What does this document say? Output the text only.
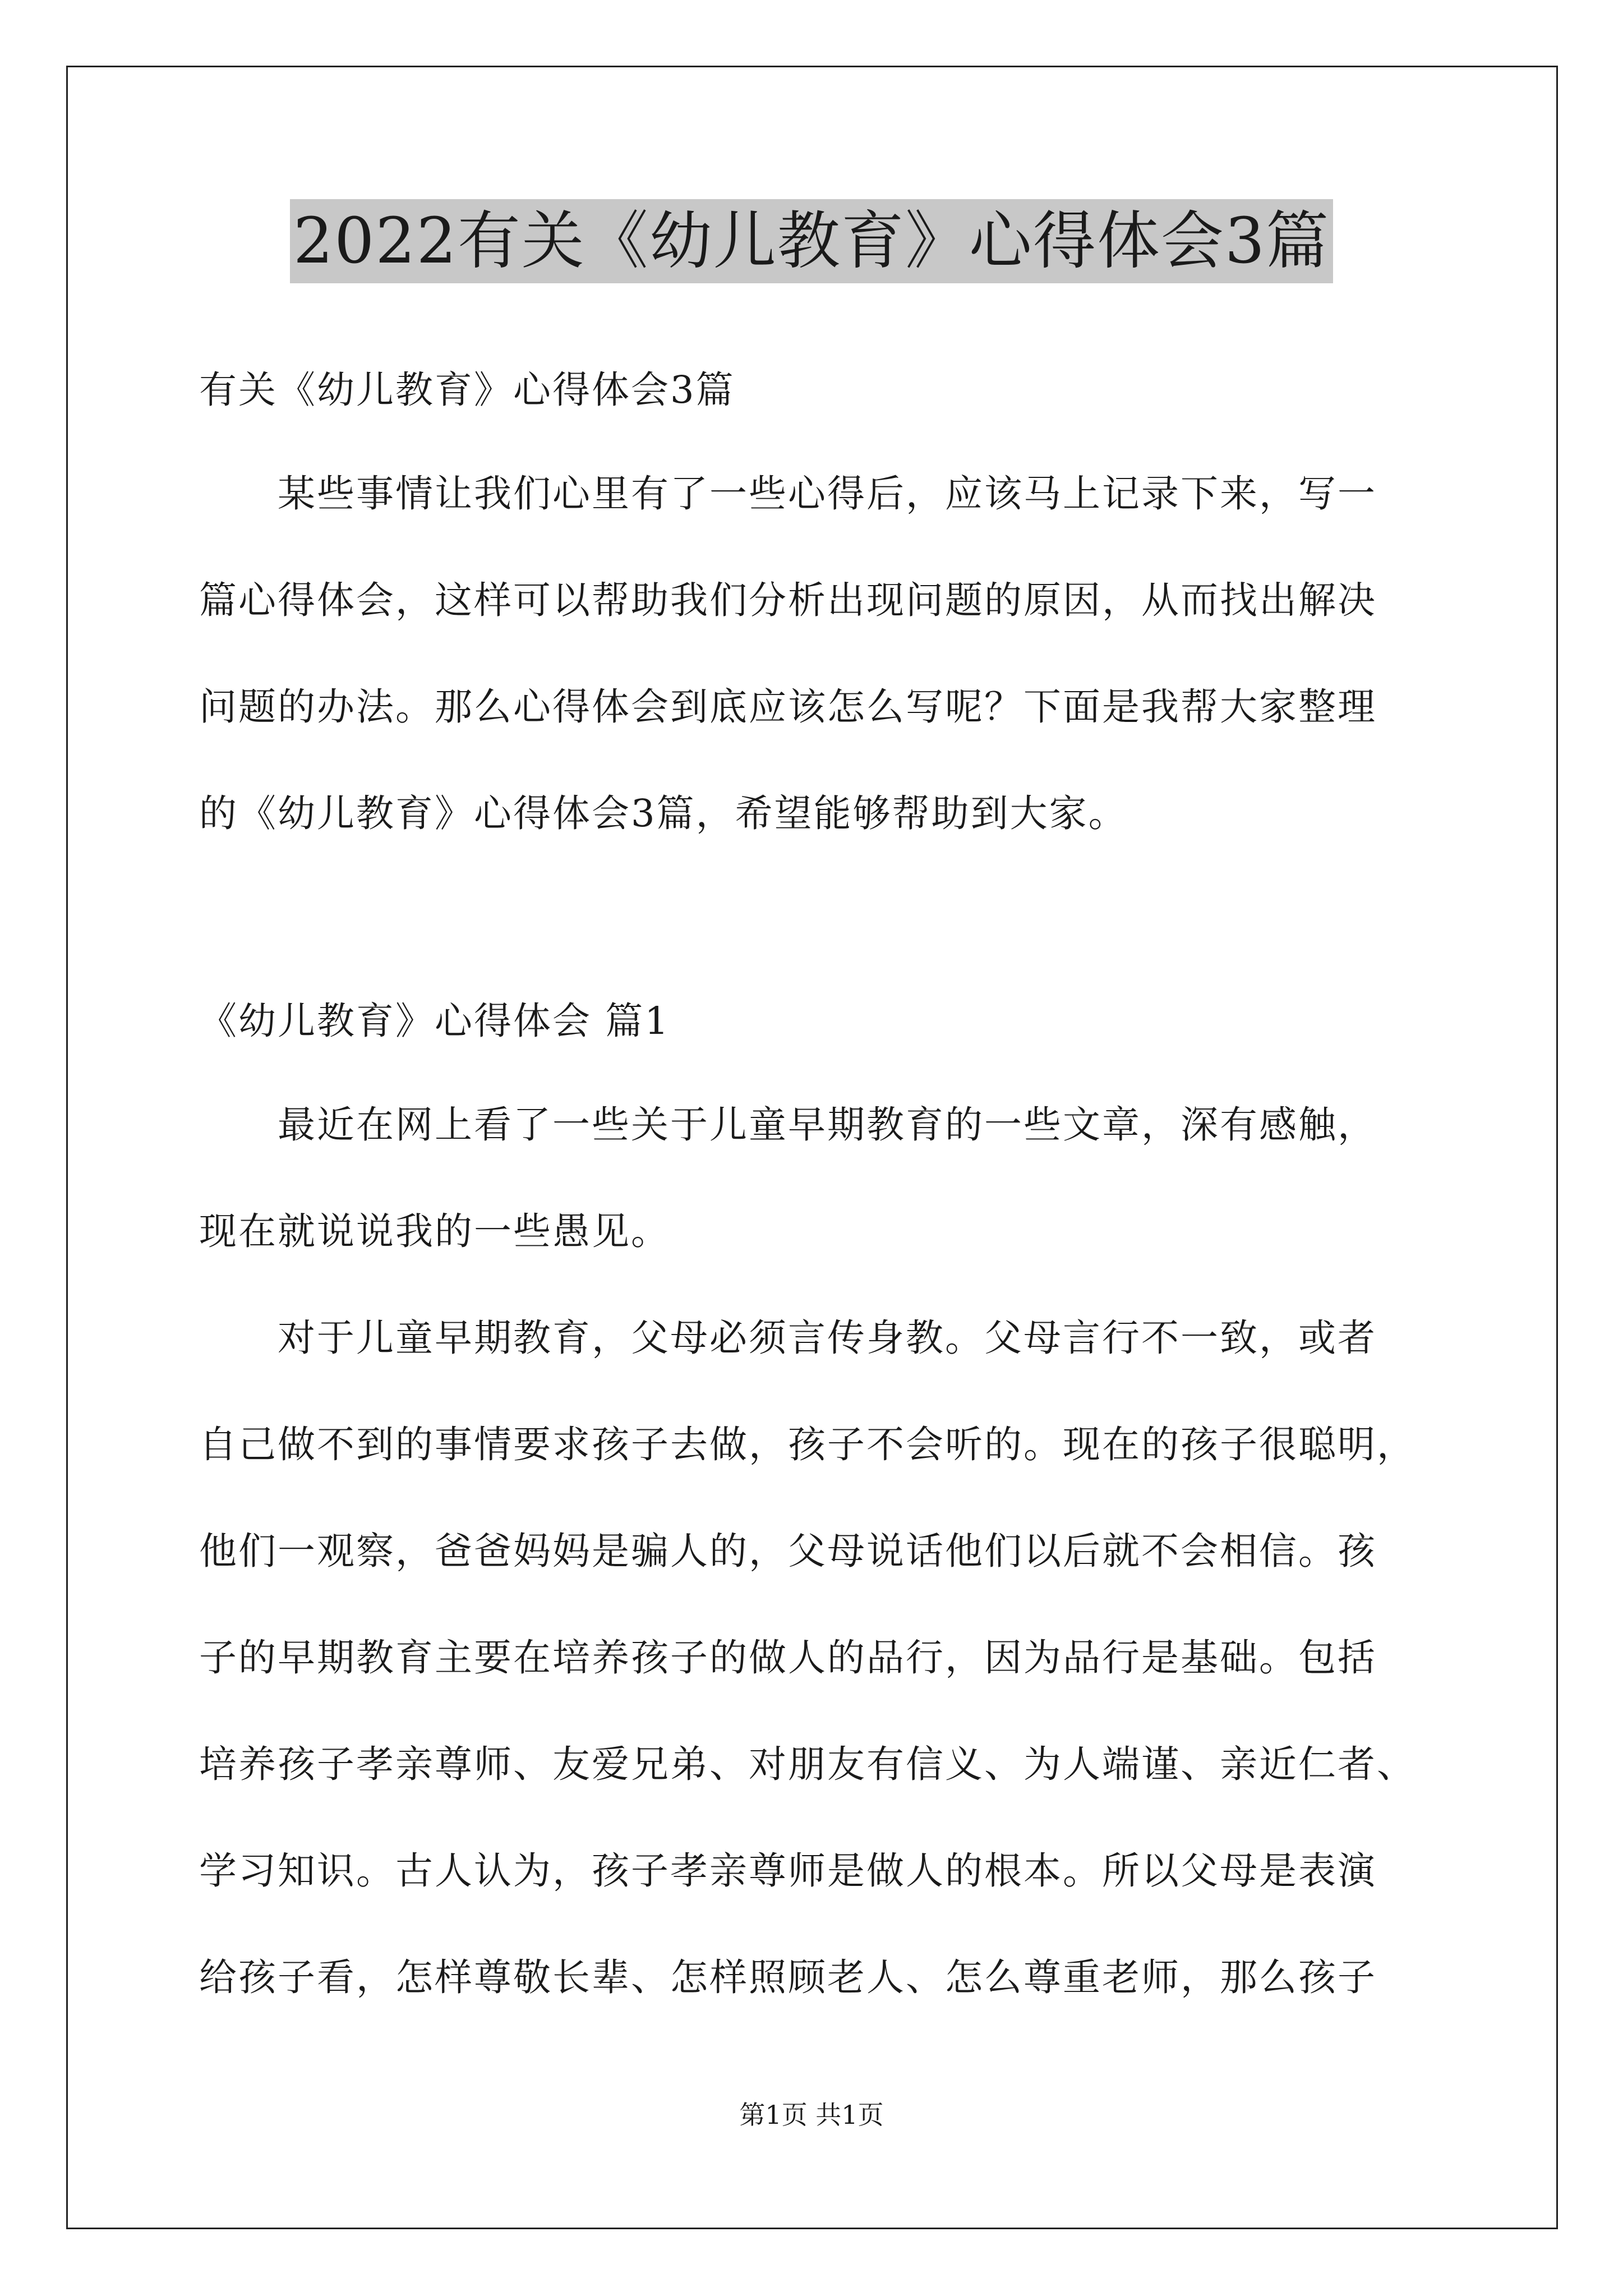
2022有关《幼儿教育》心得体会3篇
有关《幼儿教育》心得体会3篇
　　某些事情让我们心里有了一些心得后，应该马上记录下来，写一
篇心得体会，这样可以帮助我们分析出现问题的原因，从而找出解决
问题的办法。那么心得体会到底应该怎么写呢？下面是我帮大家整理
的《幼儿教育》心得体会3篇，希望能够帮助到大家。
《幼儿教育》心得体会 篇1
　　最近在网上看了一些关于儿童早期教育的一些文章，深有感触，
现在就说说我的一些愚见。
　　对于儿童早期教育，父母必须言传身教。父母言行不一致，或者
自己做不到的事情要求孩子去做，孩子不会听的。现在的孩子很聪明，
他们一观察，爸爸妈妈是骗人的，父母说话他们以后就不会相信。孩
子的早期教育主要在培养孩子的做人的品行，因为品行是基础。包括
培养孩子孝亲尊师、友爱兄弟、对朋友有信义、为人端谨、亲近仁者、
学习知识。古人认为，孩子孝亲尊师是做人的根本。所以父母是表演
给孩子看，怎样尊敬长辈、怎样照顾老人、怎么尊重老师，那么孩子
第1页 共1页
